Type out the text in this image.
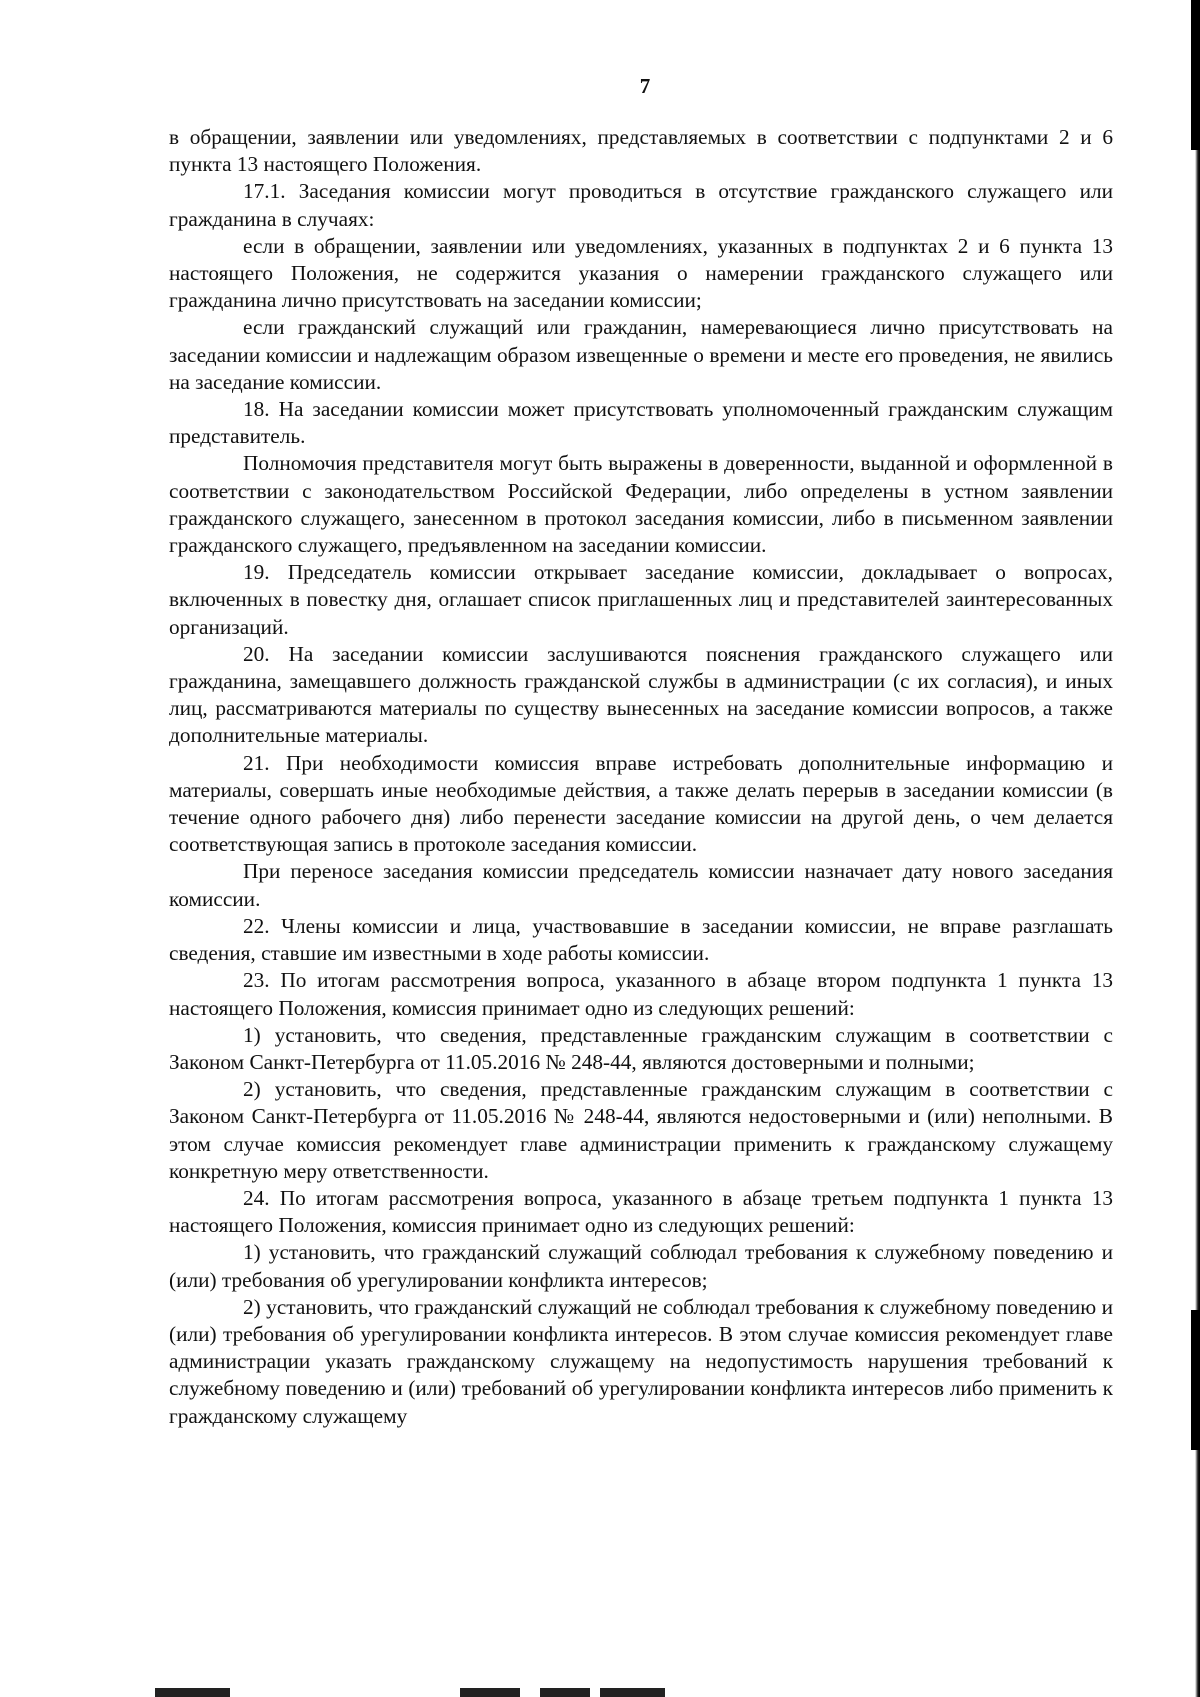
7

в обращении, заявлении или уведомлениях, представляемых в соответствии с подпунктами 2 и 6 пункта 13 настоящего Положения.

17.1. Заседания комиссии могут проводиться в отсутствие гражданского служащего или гражданина в случаях:

если в обращении, заявлении или уведомлениях, указанных в подпунктах 2 и 6 пункта 13 настоящего Положения, не содержится указания о намерении гражданского служащего или гражданина лично присутствовать на заседании комиссии;

если гражданский служащий или гражданин, намеревающиеся лично присутствовать на заседании комиссии и надлежащим образом извещенные о времени и месте его проведения, не явились на заседание комиссии.

18. На заседании комиссии может присутствовать уполномоченный гражданским служащим представитель.

Полномочия представителя могут быть выражены в доверенности, выданной и оформленной в соответствии с законодательством Российской Федерации, либо определены в устном заявлении гражданского служащего, занесенном в протокол заседания комиссии, либо в письменном заявлении гражданского служащего, предъявленном на заседании комиссии.

19. Председатель комиссии открывает заседание комиссии, докладывает о вопросах, включенных в повестку дня, оглашает список приглашенных лиц и представителей заинтересованных организаций.

20. На заседании комиссии заслушиваются пояснения гражданского служащего или гражданина, замещавшего должность гражданской службы в администрации (с их согласия), и иных лиц, рассматриваются материалы по существу вынесенных на заседание комиссии вопросов, а также дополнительные материалы.

21. При необходимости комиссия вправе истребовать дополнительные информацию и материалы, совершать иные необходимые действия, а также делать перерыв в заседании комиссии (в течение одного рабочего дня) либо перенести заседание комиссии на другой день, о чем делается соответствующая запись в протоколе заседания комиссии.

При переносе заседания комиссии председатель комиссии назначает дату нового заседания комиссии.

22. Члены комиссии и лица, участвовавшие в заседании комиссии, не вправе разглашать сведения, ставшие им известными в ходе работы комиссии.

23. По итогам рассмотрения вопроса, указанного в абзаце втором подпункта 1 пункта 13 настоящего Положения, комиссия принимает одно из следующих решений:

1) установить, что сведения, представленные гражданским служащим в соответствии с Законом Санкт-Петербурга от 11.05.2016 № 248-44, являются достоверными и полными;

2) установить, что сведения, представленные гражданским служащим в соответствии с Законом Санкт-Петербурга от 11.05.2016 № 248-44, являются недостоверными и (или) неполными. В этом случае комиссия рекомендует главе администрации применить к гражданскому служащему конкретную меру ответственности.

24. По итогам рассмотрения вопроса, указанного в абзаце третьем подпункта 1 пункта 13 настоящего Положения, комиссия принимает одно из следующих решений:

1) установить, что гражданский служащий соблюдал требования к служебному поведению и (или) требования об урегулировании конфликта интересов;

2) установить, что гражданский служащий не соблюдал требования к служебному поведению и (или) требования об урегулировании конфликта интересов. В этом случае комиссия рекомендует главе администрации указать гражданскому служащему на недопустимость нарушения требований к служебному поведению и (или) требований об урегулировании конфликта интересов либо применить к гражданскому служащему
